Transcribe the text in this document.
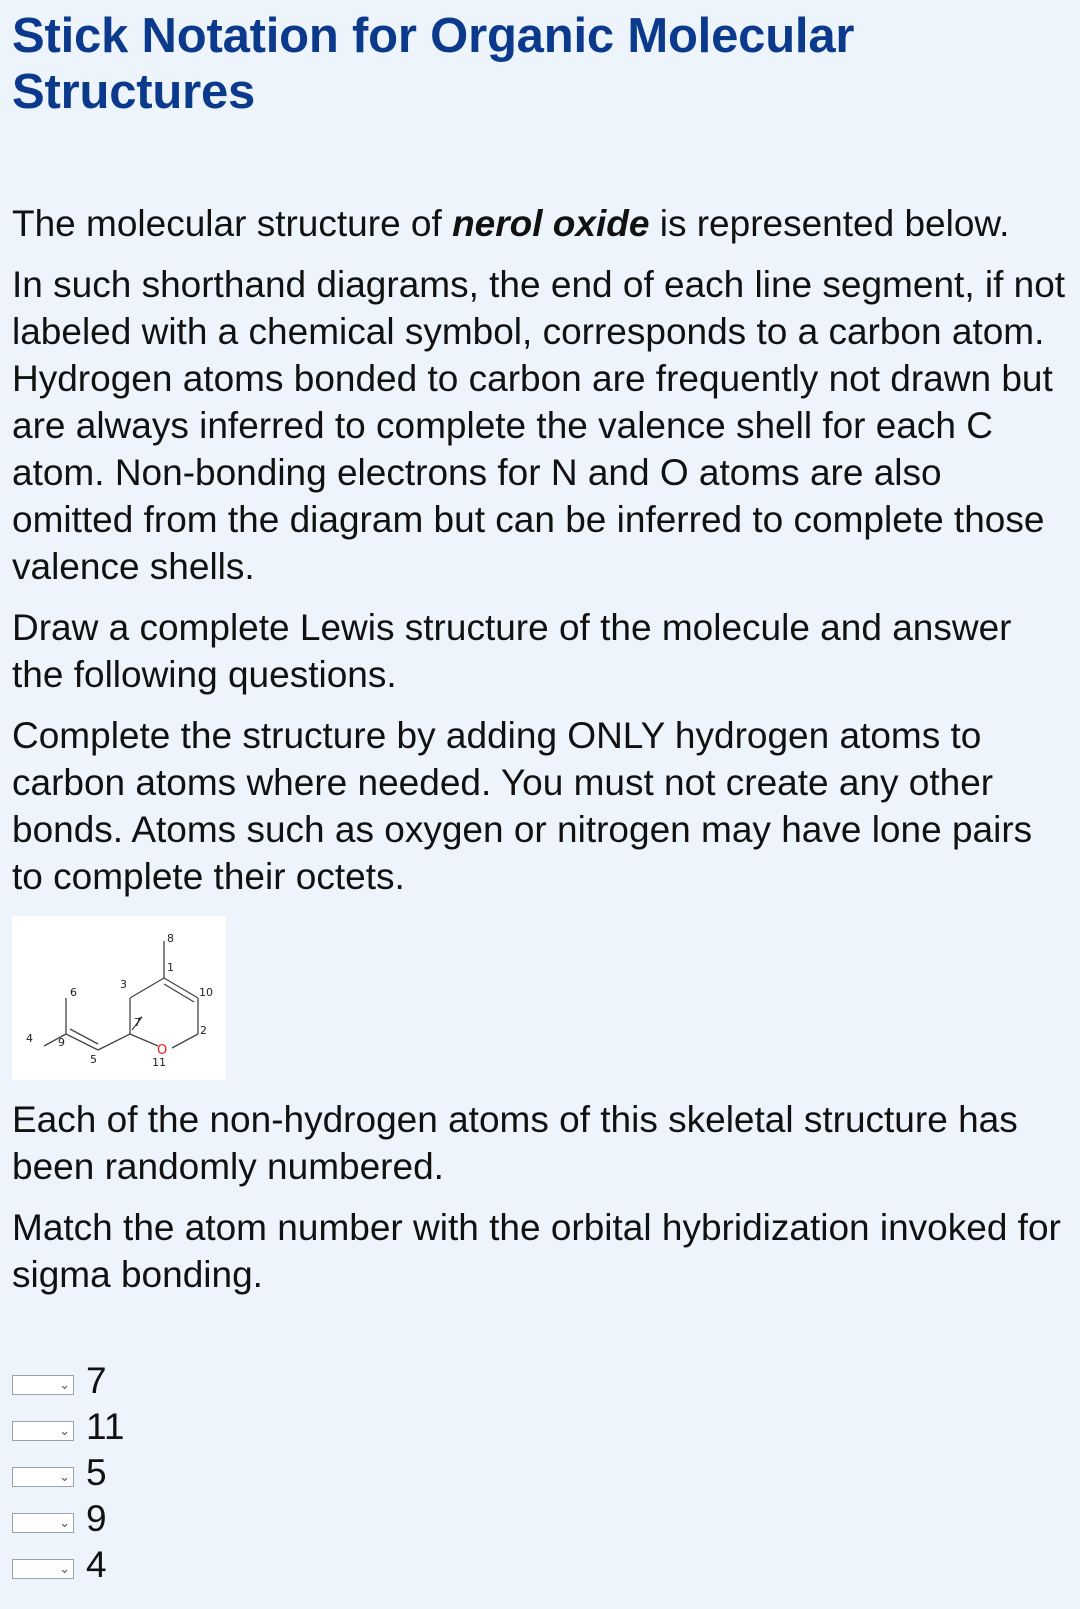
Stick Notation for Organic Molecular Structures

The molecular structure of nerol oxide is represented below.

In such shorthand diagrams, the end of each line segment, if not labeled with a chemical symbol, corresponds to a carbon atom. Hydrogen atoms bonded to carbon are frequently not drawn but are always inferred to complete the valence shell for each C atom. Non-bonding electrons for N and O atoms are also omitted from the diagram but can be inferred to complete those valence shells.

Draw a complete Lewis structure of the molecule and answer the following questions.

Complete the structure by adding ONLY hydrogen atoms to carbon atoms where needed. You must not create any other bonds. Atoms such as oxygen or nitrogen may have lone pairs to complete their octets.

8
1
10
3
6
2
7
4 9
5	11
O

Each of the non-hydrogen atoms of this skeletal structure has been randomly numbered.

Match the atom number with the orbital hybridization invoked for sigma bonding.

⌄ 7
⌄ 11
⌄ 5
⌄ 9
⌄ 4
